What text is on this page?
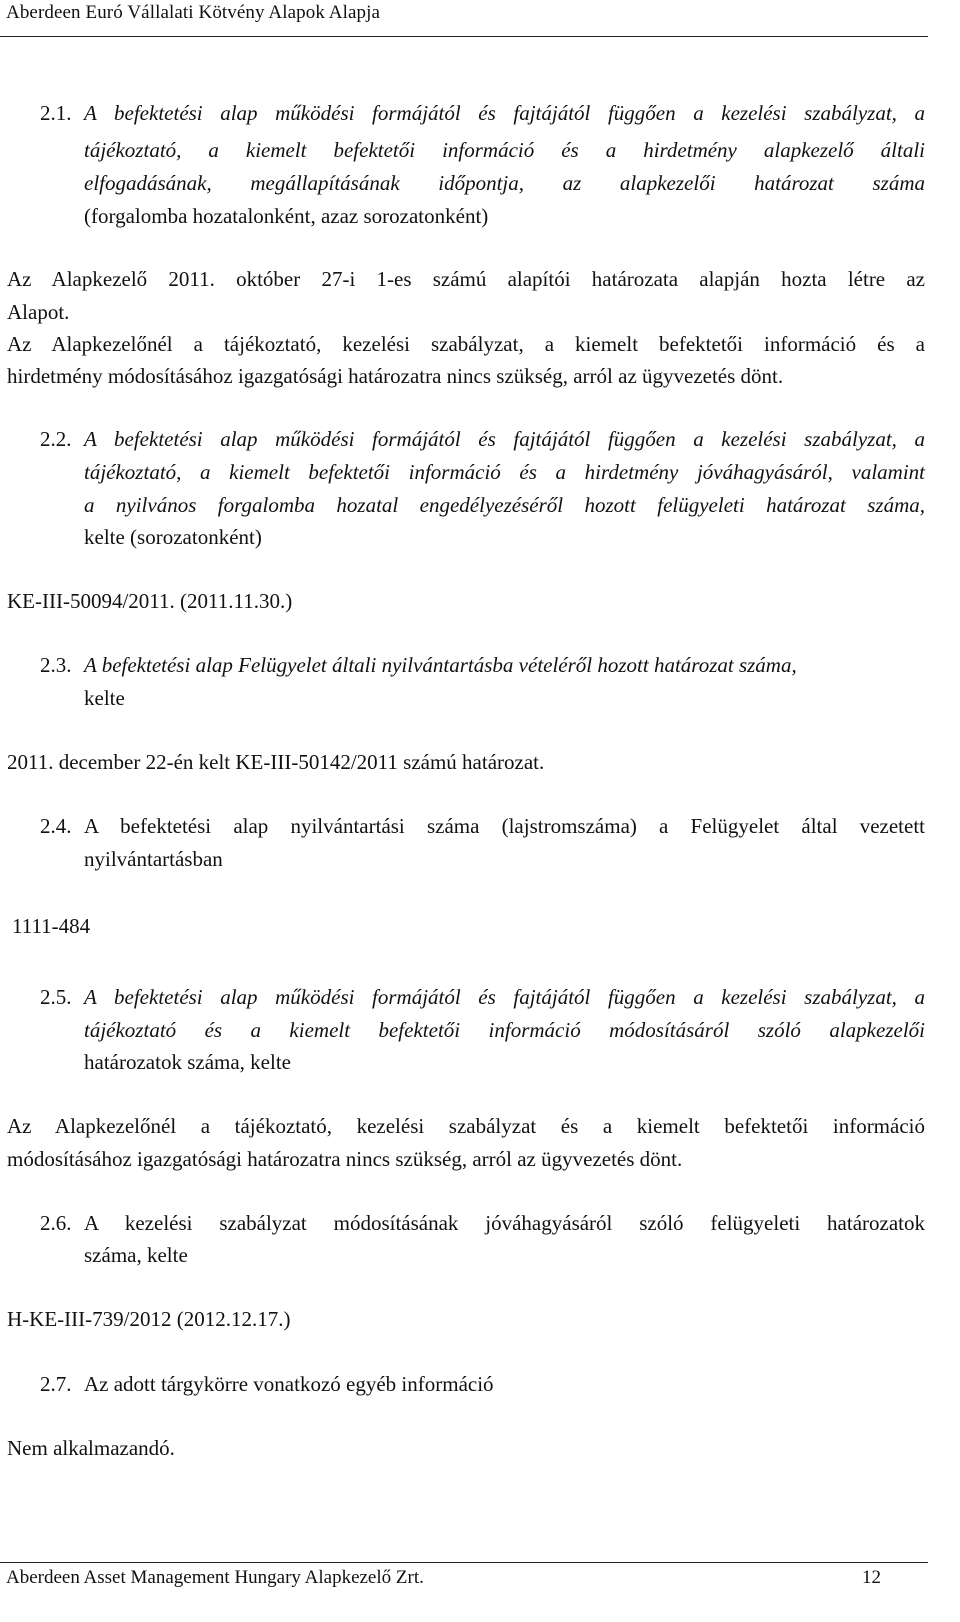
Aberdeen Euró Vállalati Kötvény Alapok Alapja
2.1. A befektetési alap működési formájától és fajtájától függően a kezelési szabályzat, a
tájékoztató, a kiemelt befektetői információ és a hirdetmény alapkezelő általi
elfogadásának, megállapításának időpontja, az alapkezelői határozat száma
(forgalomba hozatalonként, azaz sorozatonként)
Az Alapkezelő 2011. október 27-i 1-es számú alapítói határozata alapján hozta létre az
Alapot.
Az Alapkezelőnél a tájékoztató, kezelési szabályzat, a kiemelt befektetői információ és a
hirdetmény módosításához igazgatósági határozatra nincs szükség, arról az ügyvezetés dönt.
2.2. A befektetési alap működési formájától és fajtájától függően a kezelési szabályzat, a
tájékoztató, a kiemelt befektetői információ és a hirdetmény jóváhagyásáról, valamint
a nyilvános forgalomba hozatal engedélyezéséről hozott felügyeleti határozat száma,
kelte (sorozatonként)
KE-III-50094/2011. (2011.11.30.)
2.3. A befektetési alap Felügyelet általi nyilvántartásba vételéről hozott határozat száma,
kelte
2011. december 22-én kelt KE-III-50142/2011 számú határozat.
2.4. A befektetési alap nyilvántartási száma (lajstromszáma) a Felügyelet által vezetett
nyilvántartásban
1111-484
2.5. A befektetési alap működési formájától és fajtájától függően a kezelési szabályzat, a
tájékoztató és a kiemelt befektetői információ módosításáról szóló alapkezelői
határozatok száma, kelte
Az Alapkezelőnél a tájékoztató, kezelési szabályzat és a kiemelt befektetői információ
módosításához igazgatósági határozatra nincs szükség, arról az ügyvezetés dönt.
2.6. A kezelési szabályzat módosításának jóváhagyásáról szóló felügyeleti határozatok
száma, kelte
H-KE-III-739/2012 (2012.12.17.)
2.7. Az adott tárgykörre vonatkozó egyéb információ
Nem alkalmazandó.
Aberdeen Asset Management Hungary Alapkezelő Zrt.	12
